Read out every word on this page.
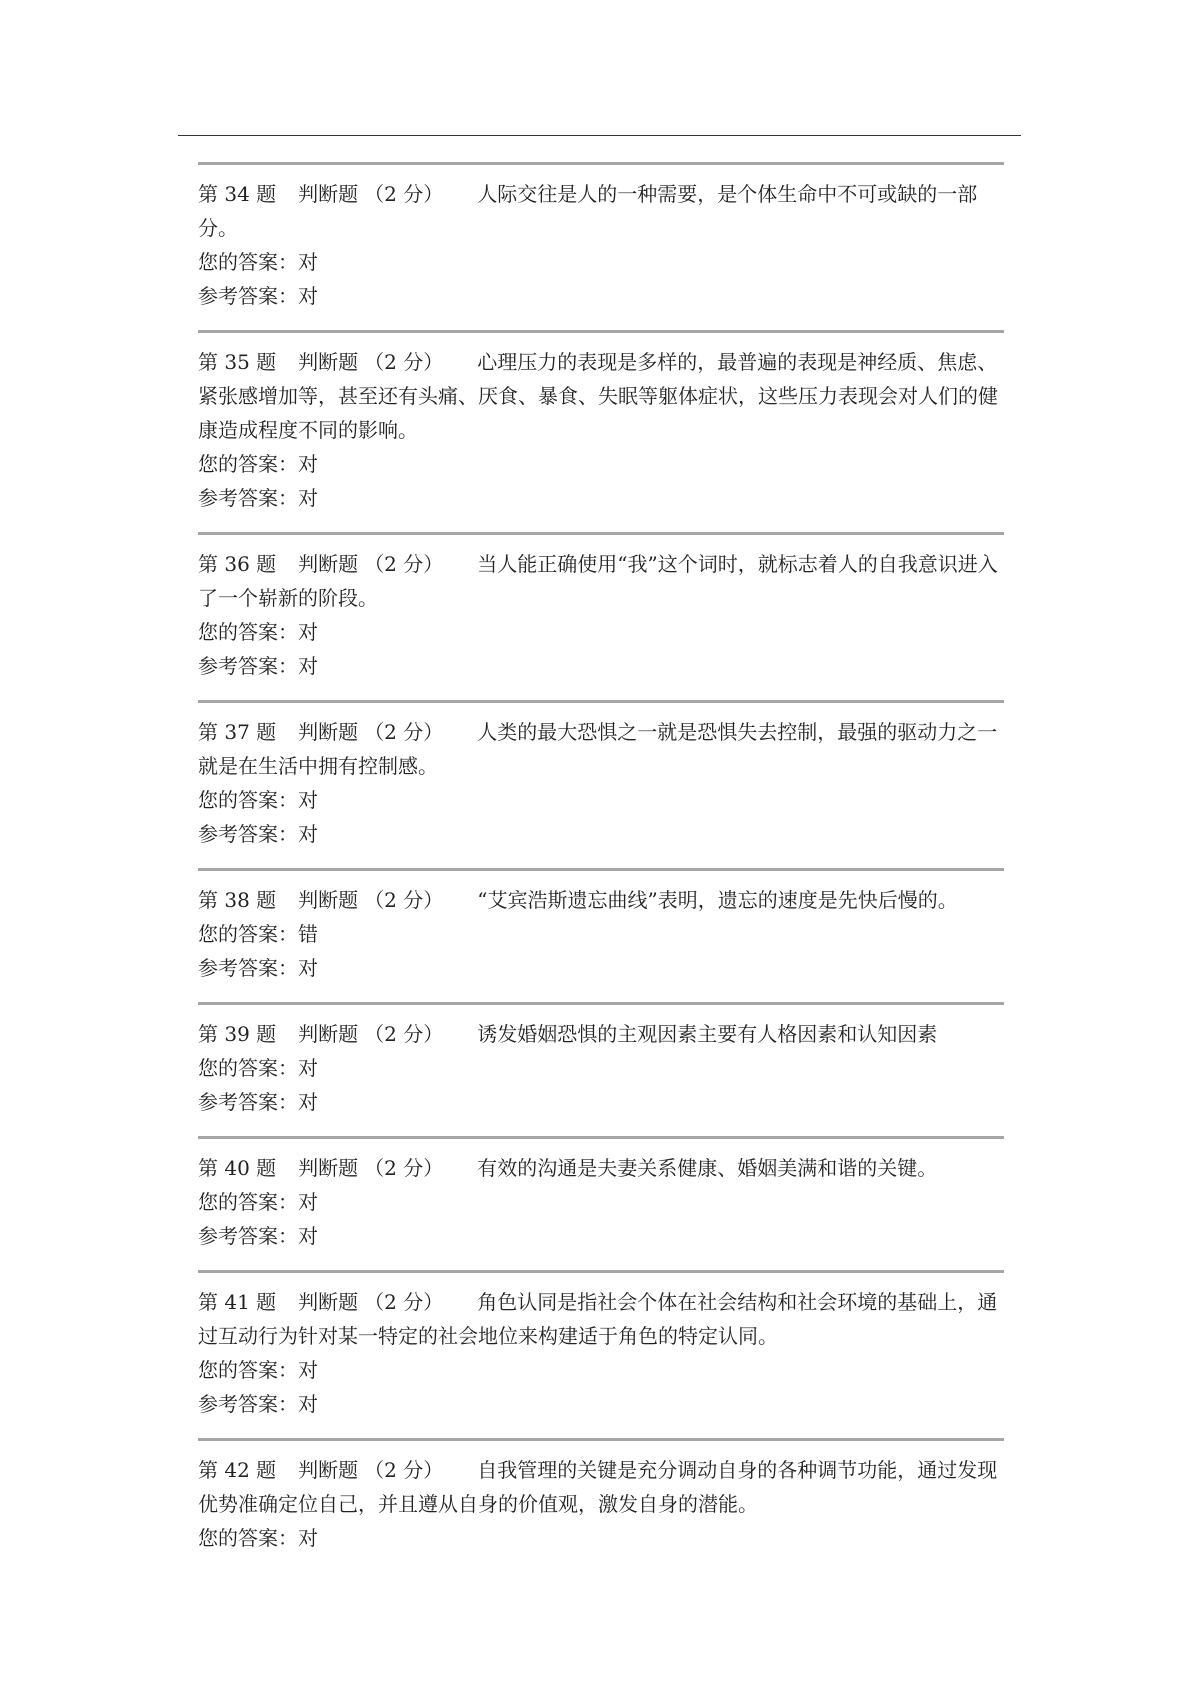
第 34 题 判断题 （2 分） 人际交往是人的一种需要，是个体生命中不可或缺的一部分。

您的答案：对

参考答案：对

第 35 题 判断题 （2 分） 心理压力的表现是多样的，最普遍的表现是神经质、焦虑、紧张感增加等，甚至还有头痛、厌食、暴食、失眠等躯体症状，这些压力表现会对人们的健康造成程度不同的影响。

您的答案：对

参考答案：对

第 36 题 判断题 （2 分） 当人能正确使用“我”这个词时，就标志着人的自我意识进入了一个崭新的阶段。

您的答案：对

参考答案：对

第 37 题 判断题 （2 分） 人类的最大恐惧之一就是恐惧失去控制，最强的驱动力之一就是在生活中拥有控制感。

您的答案：对

参考答案：对

第 38 题 判断题 （2 分） “艾宾浩斯遗忘曲线”表明，遗忘的速度是先快后慢的。

您的答案：错

参考答案：对

第 39 题 判断题 （2 分） 诱发婚姻恐惧的主观因素主要有人格因素和认知因素

您的答案：对

参考答案：对

第 40 题 判断题 （2 分） 有效的沟通是夫妻关系健康、婚姻美满和谐的关键。

您的答案：对

参考答案：对

第 41 题 判断题 （2 分） 角色认同是指社会个体在社会结构和社会环境的基础上，通过互动行为针对某一特定的社会地位来构建适于角色的特定认同。

您的答案：对

参考答案：对

第 42 题 判断题 （2 分） 自我管理的关键是充分调动自身的各种调节功能，通过发现优势准确定位自己，并且遵从自身的价值观，激发自身的潜能。

您的答案：对
